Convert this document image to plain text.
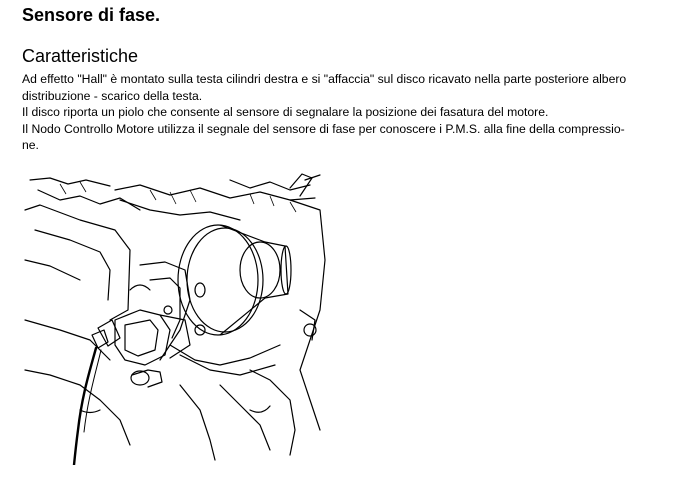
Sensore di fase.
Caratteristiche

Ad effetto "Hall" è montato sulla testa cilindri destra e si "affaccia" sul disco ricavato nella parte posteriore albero

distribuzione - scarico della testa.

Il disco riporta un piolo che consente al sensore di segnalare la posizione dei fasatura del motore.

Il Nodo Controllo Motore utilizza il segnale del sensore di fase per conoscere i P.M.S. alla fine della compressio-

ne.
